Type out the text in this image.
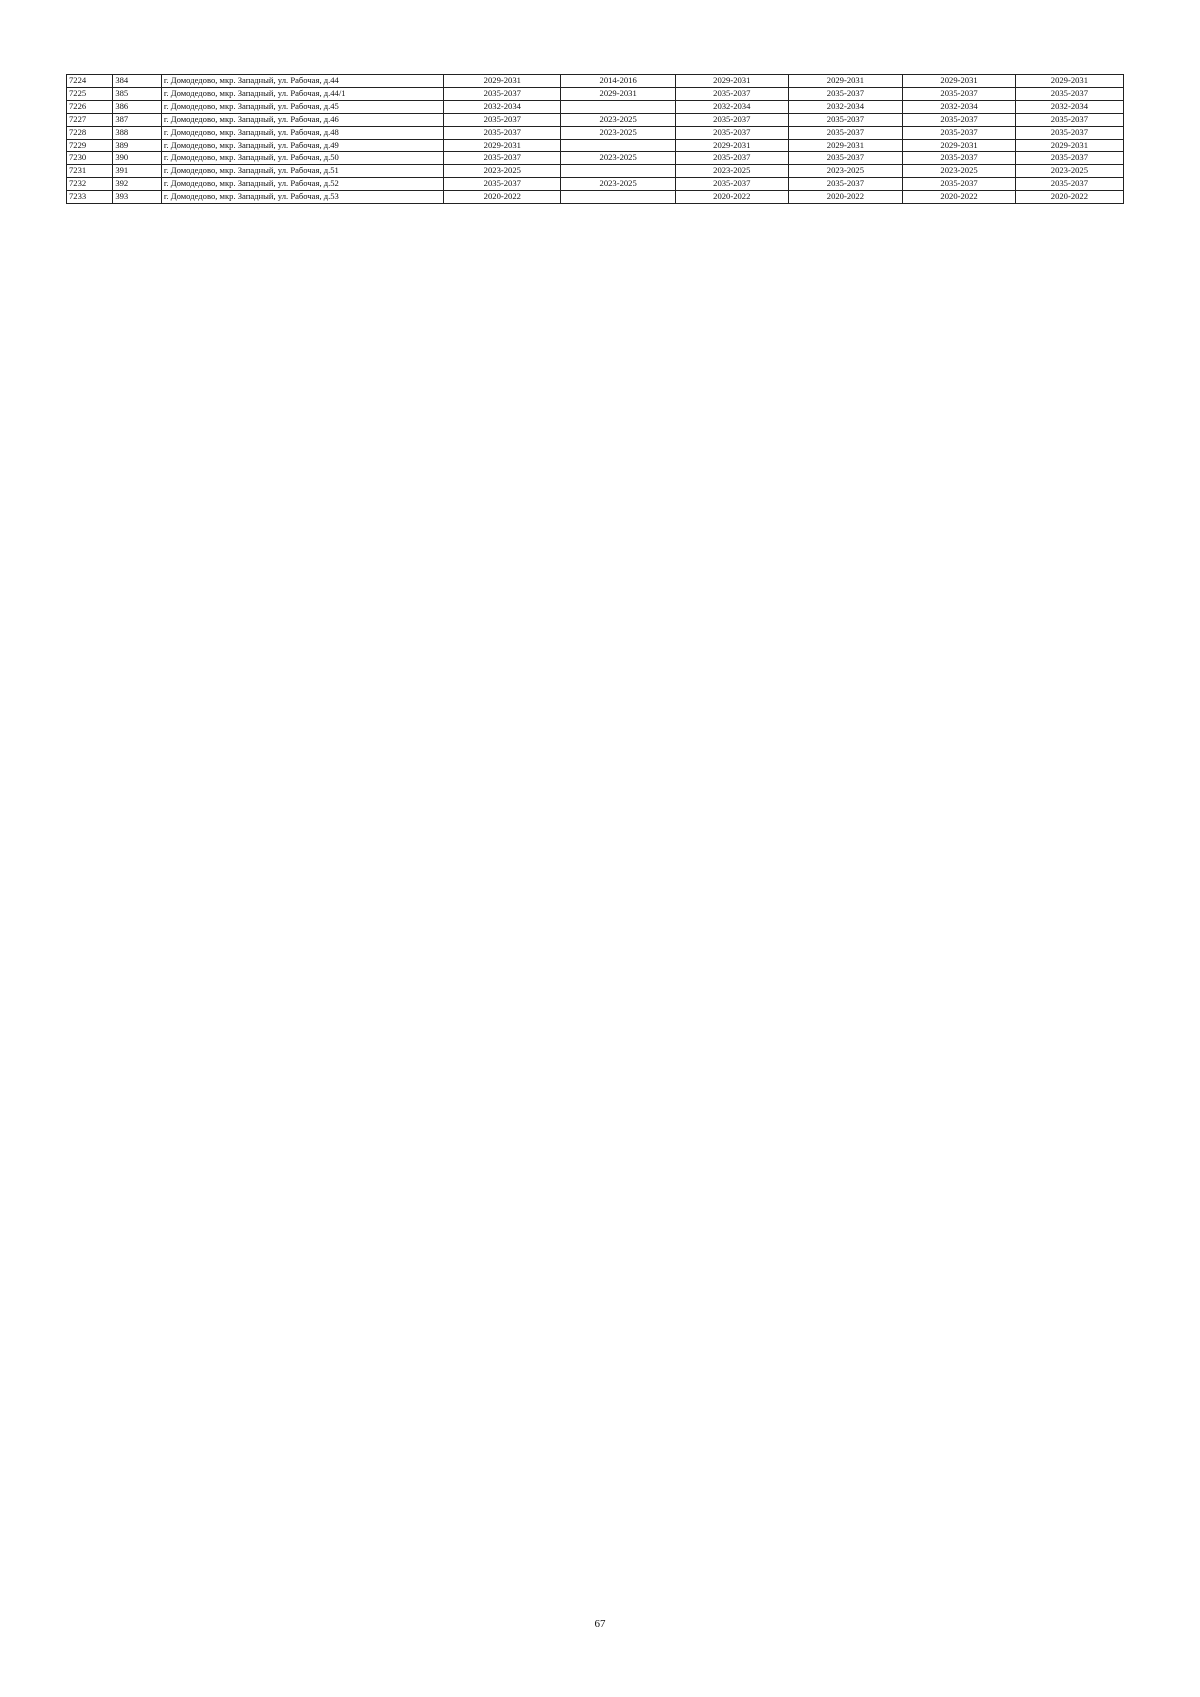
7224	384	г. Домодедово, мкр. Западный, ул. Рабочая, д.44	2029-2031	2014-2016	2029-2031	2029-2031	2029-2031	2029-2031
7225	385	г. Домодедово, мкр. Западный, ул. Рабочая, д.44/1	2035-2037	2029-2031	2035-2037	2035-2037	2035-2037	2035-2037
7226	386	г. Домодедово, мкр. Западный, ул. Рабочая, д.45	2032-2034		2032-2034	2032-2034	2032-2034	2032-2034
7227	387	г. Домодедово, мкр. Западный, ул. Рабочая, д.46	2035-2037	2023-2025	2035-2037	2035-2037	2035-2037	2035-2037
7228	388	г. Домодедово, мкр. Западный, ул. Рабочая, д.48	2035-2037	2023-2025	2035-2037	2035-2037	2035-2037	2035-2037
7229	389	г. Домодедово, мкр. Западный, ул. Рабочая, д.49	2029-2031		2029-2031	2029-2031	2029-2031	2029-2031
7230	390	г. Домодедово, мкр. Западный, ул. Рабочая, д.50	2035-2037	2023-2025	2035-2037	2035-2037	2035-2037	2035-2037
7231	391	г. Домодедово, мкр. Западный, ул. Рабочая, д.51	2023-2025		2023-2025	2023-2025	2023-2025	2023-2025
7232	392	г. Домодедово, мкр. Западный, ул. Рабочая, д.52	2035-2037	2023-2025	2035-2037	2035-2037	2035-2037	2035-2037
7233	393	г. Домодедово, мкр. Западный, ул. Рабочая, д.53	2020-2022		2020-2022	2020-2022	2020-2022	2020-2022
67
